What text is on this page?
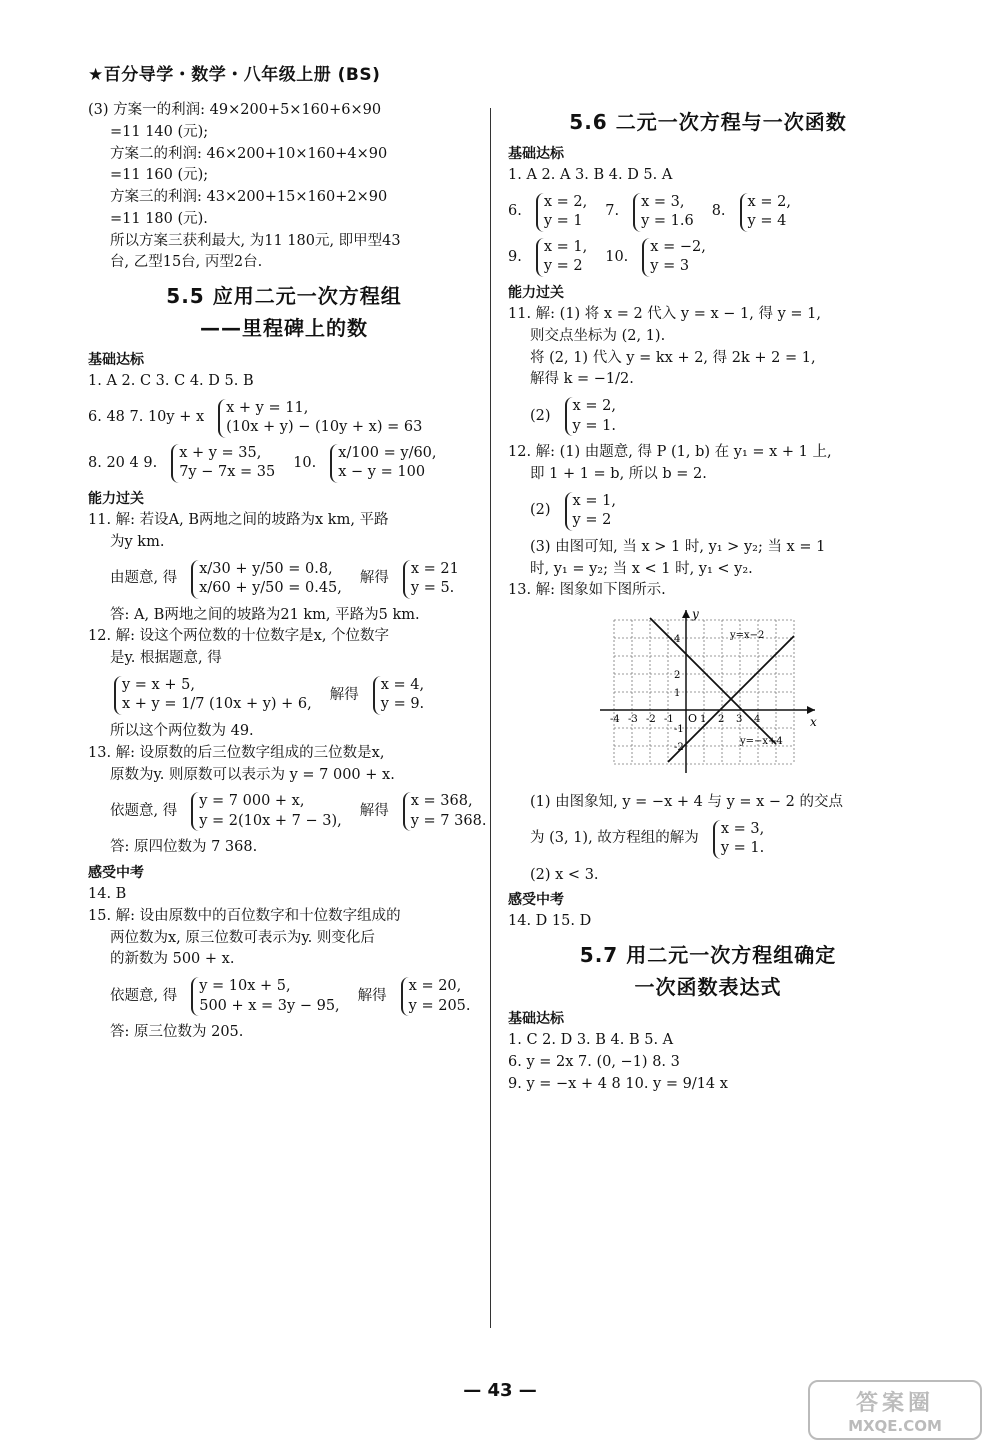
★百分导学・数学・八年级上册 (BS)

(3) 方案一的利润: 49×200+5×160+6×90

=11 140 (元);

方案二的利润: 46×200+10×160+4×90

=11 160 (元);

方案三的利润: 43×200+15×160+2×90

=11 180 (元).

所以方案三获利最大, 为11 180元, 即甲型43

台, 乙型15台, 丙型2台.

5.5 应用二元一次方程组
——里程碑上的数
基础达标

1. A 2. C 3. C 4. D 5. B

6. 48 7. 10y + x
x + y = 11,
(10x + y) − (10y + x) = 63
8. 20 4 9.
x + y = 35,
7y − 7x = 35
10.
x/100 = y/60,
x − y = 100
能力过关

11. 解: 若设A, B两地之间的坡路为x km, 平路

为y km.

由题意, 得
x/30 + y/50 = 0.8,
x/60 + y/50 = 0.45,
解得
x = 21
y = 5.

答: A, B两地之间的坡路为21 km, 平路为5 km.

12. 解: 设这个两位数的十位数字是x, 个位数字

是y. 根据题意, 得

y = x + 5,
x + y = 1/7 (10x + y) + 6,
解得
x = 4,
y = 9.

所以这个两位数为 49.

13. 解: 设原数的后三位数字组成的三位数是x,

原数为y. 则原数可以表示为 y = 7 000 + x.

依题意, 得
y = 7 000 + x,
y = 2(10x + 7 − 3),
解得
x = 368,
y = 7 368.

答: 原四位数为 7 368.

感受中考

14. B

15. 解: 设由原数中的百位数字和十位数字组成的

两位数为x, 原三位数可表示为y. 则变化后

的新数为 500 + x.

依题意, 得
y = 10x + 5,
500 + x = 3y − 95,
解得
x = 20,
y = 205.

答: 原三位数为 205.

5.6 二元一次方程与一次函数
基础达标

1. A 2. A 3. B 4. D 5. A

6.
x = 2,
y = 1
7.
x = 3,
y = 1.6
8.
x = 2,
y = 4
9.
x = 1,
y = 2
10.
x = −2,
y = 3
能力过关

11. 解: (1) 将 x = 2 代入 y = x − 1, 得 y = 1,

则交点坐标为 (2, 1).

将 (2, 1) 代入 y = kx + 2, 得 2k + 2 = 1,

解得 k = −1/2.

(2)
x = 2,
y = 1.

12. 解: (1) 由题意, 得 P (1, b) 在 y₁ = x + 1 上,

即 1 + 1 = b, 所以 b = 2.

(2)
x = 1,
y = 2

(3) 由图可知, 当 x > 1 时, y₁ > y₂; 当 x = 1

时, y₁ = y₂; 当 x < 1 时, y₁ < y₂.

13. 解: 图象如下图所示.

x
y
O
y=x−2
y=−x+4
-4 -3 -2 -1	1 2 3 4
4
2
1
-1
-2

(1) 由图象知, y = −x + 4 与 y = x − 2 的交点

为 (3, 1), 故方程组的解为
x = 3,
y = 1.

(2) x < 3.

感受中考

14. D 15. D

5.7 用二元一次方程组确定
一次函数表达式
基础达标

1. C 2. D 3. B 4. B 5. A

6. y = 2x 7. (0, −1) 8. 3

9. y = −x + 4 8 10. y = 9/14 x

— 43 —	答案圈
MXQE.COM
